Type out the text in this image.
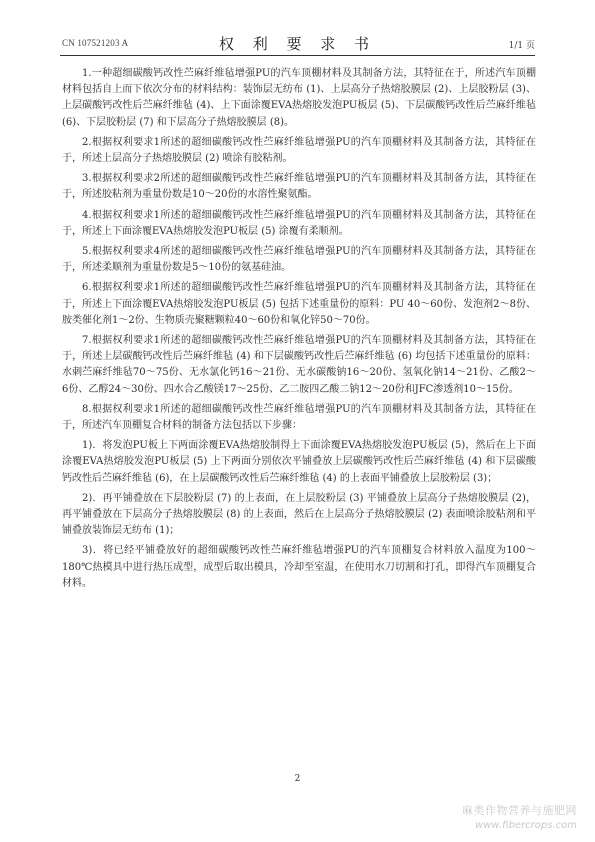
CN 107521203 A	权 利 要 求 书	1/1 页

1.一种超细碳酸钙改性苎麻纤维毡增强PU的汽车顶棚材料及其制备方法，其特征在于，所述汽车顶棚材料包括自上而下依次分布的材料结构：装饰层无纺布 (1)、上层高分子热熔胶膜层 (2)、上层胶粉层 (3)、上层碳酸钙改性后苎麻纤维毡 (4)、上下面涂覆EVA热熔胶发泡PU板层 (5)、下层碳酸钙改性后苎麻纤维毡 (6)、下层胶粉层 (7) 和下层高分子热熔胶膜层 (8)。

2.根据权利要求1所述的超细碳酸钙改性苎麻纤维毡增强PU的汽车顶棚材料及其制备方法，其特征在于，所述上层高分子热熔胶膜层 (2) 喷涂有胶粘剂。

3.根据权利要求2所述的超细碳酸钙改性苎麻纤维毡增强PU的汽车顶棚材料及其制备方法，其特征在于，所述胶粘剂为重量份数是10～20份的水溶性聚氨酯。

4.根据权利要求1所述的超细碳酸钙改性苎麻纤维毡增强PU的汽车顶棚材料及其制备方法，其特征在于，所述上下面涂覆EVA热熔胶发泡PU板层 (5) 涂覆有柔顺剂。

5.根据权利要求4所述的超细碳酸钙改性苎麻纤维毡增强PU的汽车顶棚材料及其制备方法，其特征在于，所述柔顺剂为重量份数是5～10份的氨基硅油。

6.根据权利要求1所述的超细碳酸钙改性苎麻纤维毡增强PU的汽车顶棚材料及其制备方法，其特征在于，所述上下面涂覆EVA热熔胶发泡PU板层 (5) 包括下述重量份的原料：PU 40～60份、发泡剂2～8份、胺类催化剂1～2份、生物质壳聚糖颗粒40～60份和氧化锌50～70份。

7.根据权利要求1所述的超细碳酸钙改性苎麻纤维毡增强PU的汽车顶棚材料及其制备方法，其特征在于，所述上层碳酸钙改性后苎麻纤维毡 (4) 和下层碳酸钙改性后苎麻纤维毡 (6) 均包括下述重量份的原料：水刺苎麻纤维毡70～75份、无水氯化钙16～21份、无水碳酸钠16～20份、氢氧化钠14～21份、乙酸2～6份、乙醇24～30份、四水合乙酸镁17～25份、乙二胺四乙酸二钠12～20份和JFC渗透剂10～15份。

8.根据权利要求1所述的超细碳酸钙改性苎麻纤维毡增强PU的汽车顶棚材料及其制备方法，其特征在于，所述汽车顶棚复合材料的制备方法包括以下步骤：

1)．将发泡PU板上下两面涂覆EVA热熔胶制得上下面涂覆EVA热熔胶发泡PU板层 (5)，然后在上下面涂覆EVA热熔胶发泡PU板层 (5) 上下两面分别依次平铺叠放上层碳酸钙改性后苎麻纤维毡 (4) 和下层碳酸钙改性后苎麻纤维毡 (6)，在上层碳酸钙改性后苎麻纤维毡 (4) 的上表面平铺叠放上层胶粉层 (3)；

2)．再平铺叠放在下层胶粉层 (7) 的上表面，在上层胶粉层 (3) 平铺叠放上层高分子热熔胶膜层 (2)，再平铺叠放在下层高分子热熔胶膜层 (8) 的上表面，然后在上层高分子热熔胶膜层 (2) 表面喷涂胶粘剂和平铺叠放装饰层无纺布 (1)；

3)．将已经平铺叠放好的超细碳酸钙改性苎麻纤维毡增强PU的汽车顶棚复合材料放入温度为100～180℃热模具中进行热压成型，成型后取出模具，冷却至室温，在使用水刀切割和打孔，即得汽车顶棚复合材料。

2
麻类作物营养与施肥网
www.fibercrops.com
